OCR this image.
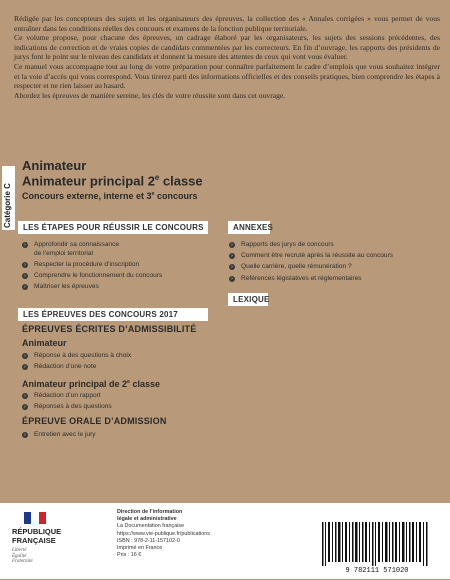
Rédigée par les concepteurs des sujets et les organisateurs des épreuves, la collection des « Annales corrigées » vous permet de vous entraîner dans les conditions réelles des concours et examens de la fonction publique territoriale.

Ce volume propose, pour chacune des épreuves, un cadrage élaboré par les organisateurs, les sujets des sessions précédentes, des indications de correction et de vraies copies de candidats commentées par les correcteurs. En fin d’ouvrage, les rapports des présidents de jurys font le point sur le niveau des candidats et donnent la mesure des attentes de ceux qui vont vous évaluer.

Ce manuel vous accompagne tout au long de votre préparation pour connaître parfaitement le cadre d’emplois que vous souhaitez intégrer et la voie d’accès qui vous correspond. Vous tirerez parti des informations officielles et des conseils pratiques, bien comprendre les étapes à respecter et ne rien laisser au hasard.

Abordez les épreuves de manière sereine, les clés de votre réussite sont dans cet ouvrage.

Catégorie C
Animateur
Animateur principal 2e classe
Concours externe, interne et 3e concours
LES ÉTAPES POUR RÉUSSIR LE CONCOURS
›	Approfondir sa connaissance
de l’emploi territorial
›	Respecter la procédure d’inscription
›	Comprendre le fonctionnement du concours
›	Maîtriser les épreuves
ANNEXES
›	Rapports des jurys de concours
›	Comment être recruté après la réussite au concours
›	Quelle carrière, quelle rémunération ?
›	Références législatives et réglementaires
LEXIQUE
LES ÉPREUVES DES CONCOURS 2017
ÉPREUVES ÉCRITES D’ADMISSIBILITÉ
Animateur
›	Réponse à des questions à choix
›	Rédaction d’une note
Animateur principal de 2e classe
›	Rédaction d’un rapport
›	Réponses à des questions
ÉPREUVE ORALE D’ADMISSION
›	Entretien avec le jury
RÉPUBLIQUE
FRANÇAISE
Liberté
Égalité
Fraternité
Direction de l’information
légale et administrative
La Documentation française
https://www.vie-publique.fr/publications
ISBN : 978-2-11-157102-0
Imprimé en France
Prix : 16 €
9 782111 571020
